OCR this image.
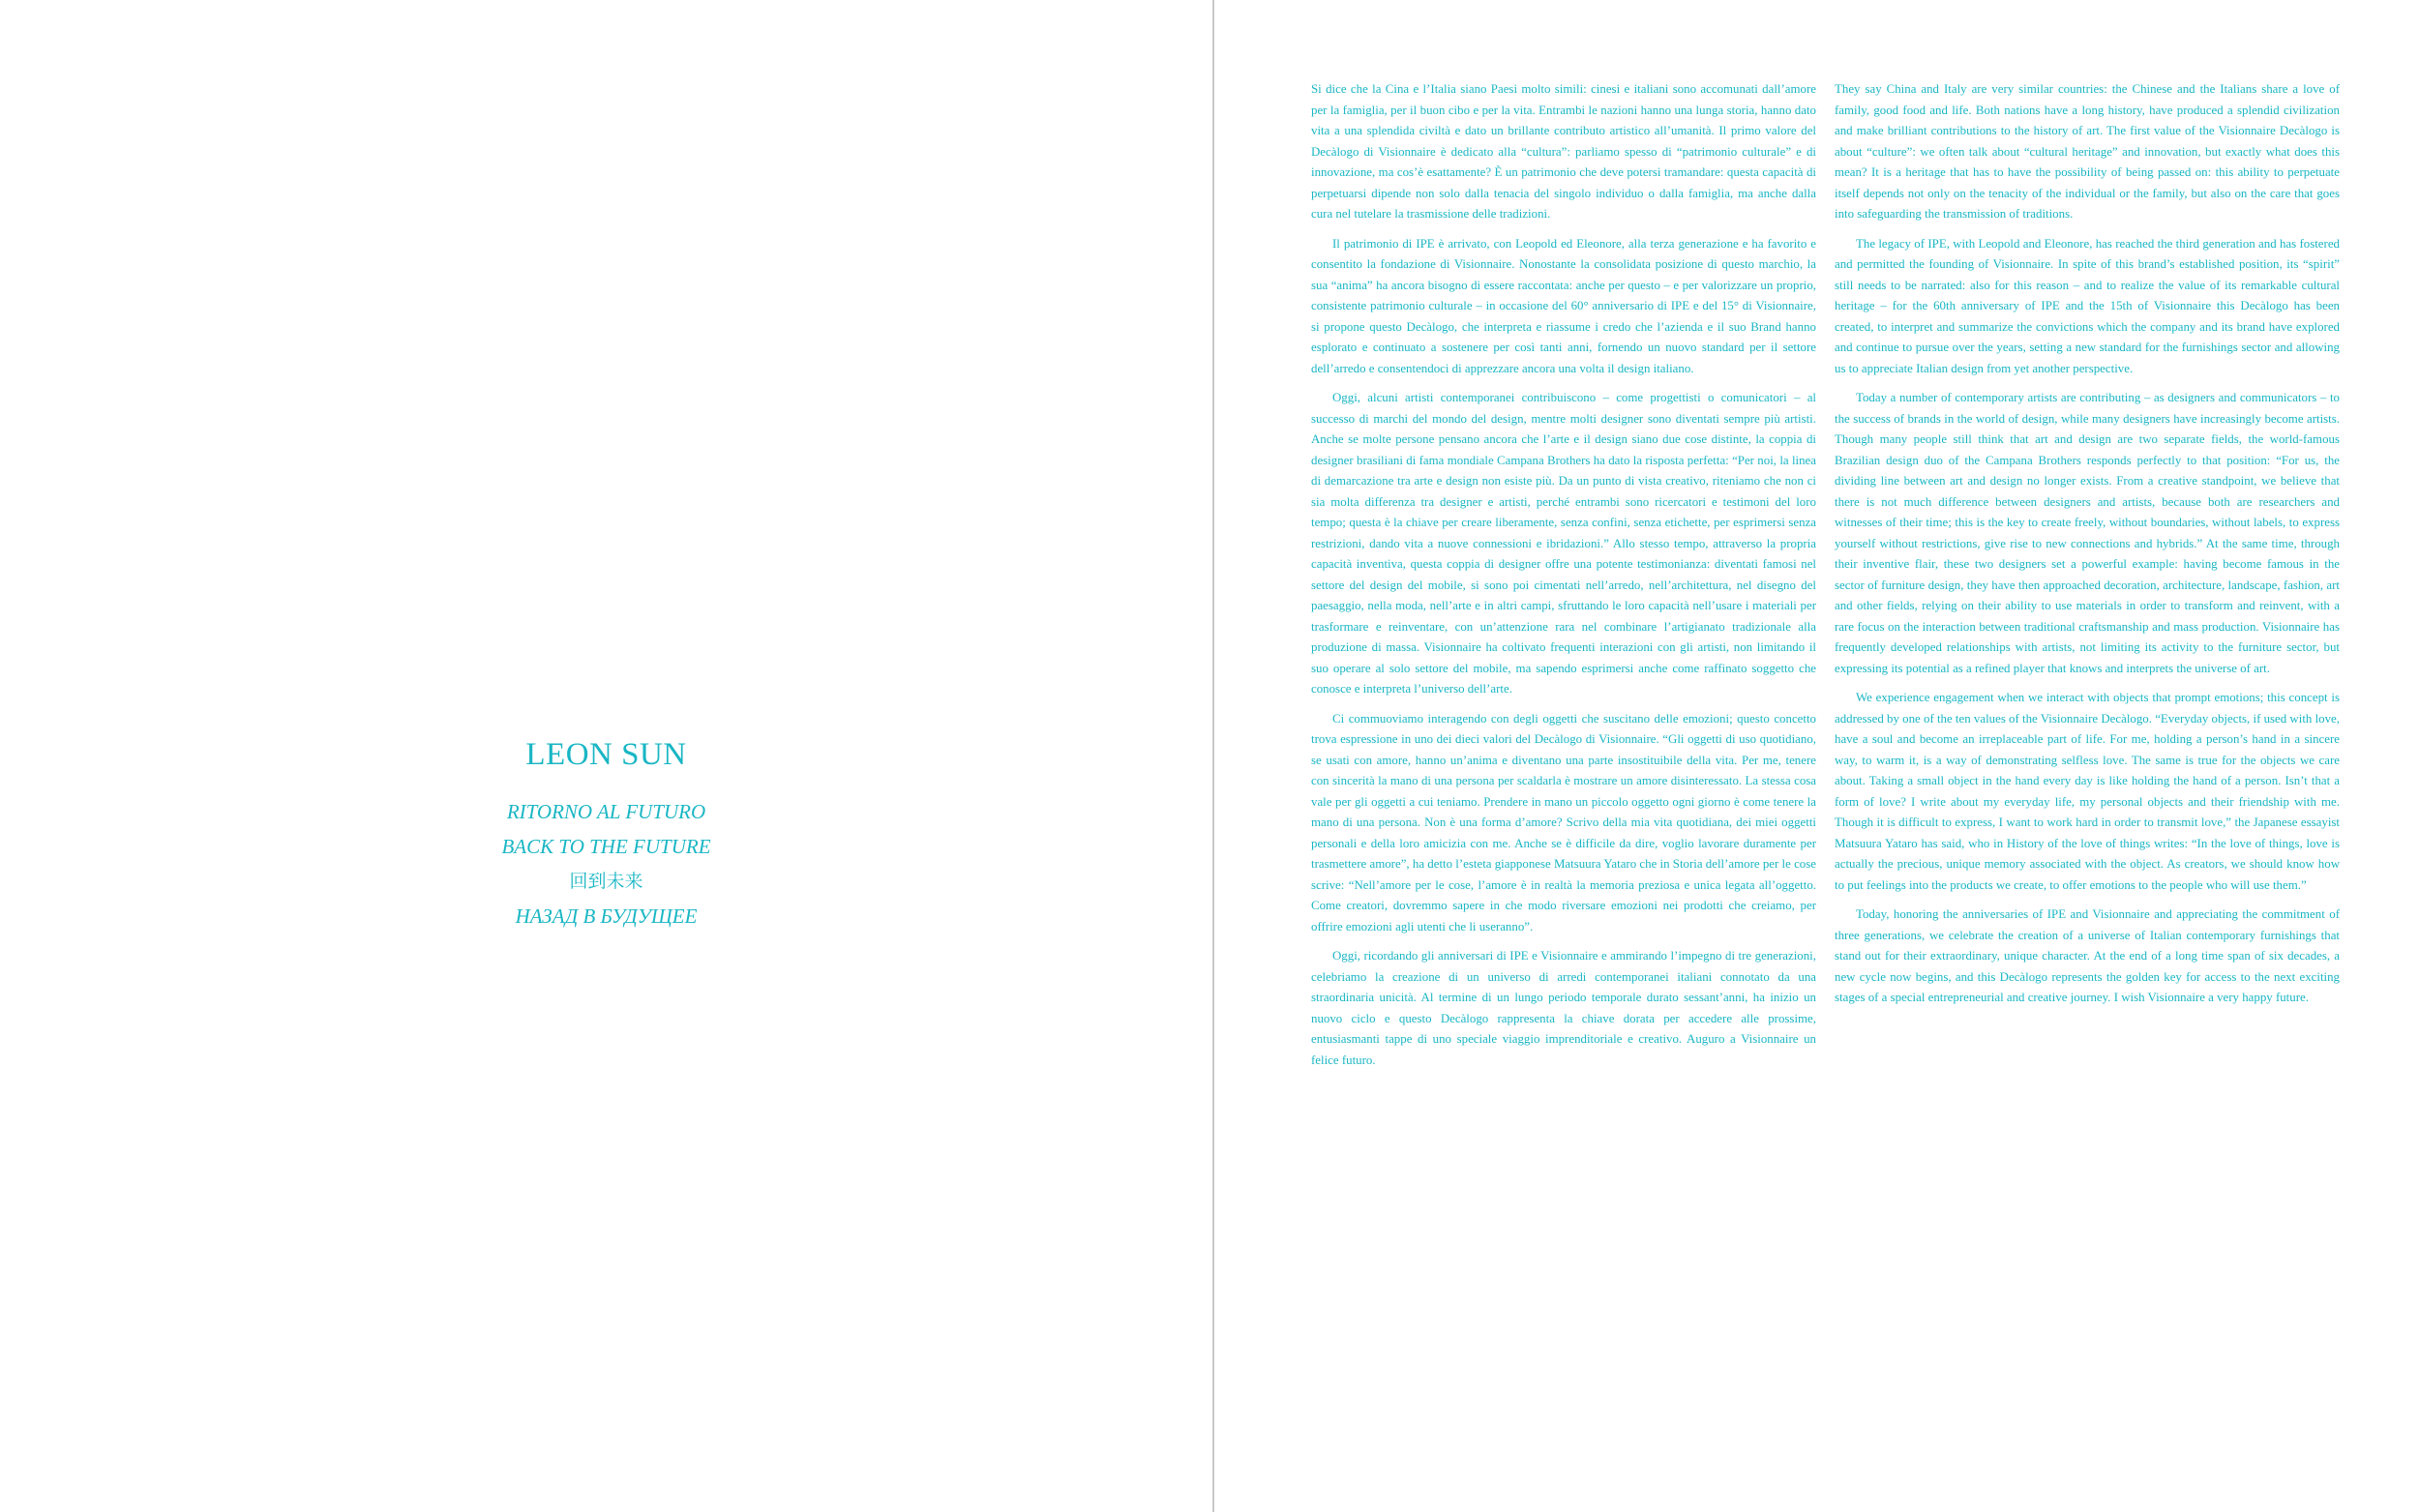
LEON SUN

RITORNO AL FUTURO

BACK TO THE FUTURE

回到未来

НАЗАД В БУДУЩЕЕ

Si dice che la Cina e l’Italia siano Paesi molto simili: cinesi e italiani sono accomunati dall’amore per la famiglia, per il buon cibo e per la vita. Entrambi le nazioni hanno una lunga storia, hanno dato vita a una splendida civiltà e dato un brillante contributo artistico all’umanità. Il primo valore del Decàlogo di Visionnaire è dedicato alla “cultura”: parliamo spesso di “patrimonio culturale” e di innovazione, ma cos’è esattamente? È un patrimonio che deve potersi tramandare: questa capacità di perpetuarsi dipende non solo dalla tenacia del singolo individuo o dalla famiglia, ma anche dalla cura nel tutelare la trasmissione delle tradizioni.

Il patrimonio di IPE è arrivato, con Leopold ed Eleonore, alla terza generazione e ha favorito e consentito la fondazione di Visionnaire. Nonostante la consolidata posizione di questo marchio, la sua “anima” ha ancora bisogno di essere raccontata: anche per questo – e per valorizzare un proprio, consistente patrimonio culturale – in occasione del 60° anniversario di IPE e del 15° di Visionnaire, si propone questo Decàlogo, che interpreta e riassume i credo che l’azienda e il suo Brand hanno esplorato e continuato a sostenere per così tanti anni, fornendo un nuovo standard per il settore dell’arredo e consentendoci di apprezzare ancora una volta il design italiano.

Oggi, alcuni artisti contemporanei contribuiscono – come progettisti o comunicatori – al successo di marchi del mondo del design, mentre molti designer sono diventati sempre più artisti. Anche se molte persone pensano ancora che l’arte e il design siano due cose distinte, la coppia di designer brasiliani di fama mondiale Campana Brothers ha dato la risposta perfetta: “Per noi, la linea di demarcazione tra arte e design non esiste più. Da un punto di vista creativo, riteniamo che non ci sia molta differenza tra designer e artisti, perché entrambi sono ricercatori e testimoni del loro tempo; questa è la chiave per creare liberamente, senza confini, senza etichette, per esprimersi senza restrizioni, dando vita a nuove connessioni e ibridazioni.” Allo stesso tempo, attraverso la propria capacità inventiva, questa coppia di designer offre una potente testimonianza: diventati famosi nel settore del design del mobile, si sono poi cimentati nell’arredo, nell’architettura, nel disegno del paesaggio, nella moda, nell’arte e in altri campi, sfruttando le loro capacità nell’usare i materiali per trasformare e reinventare, con un’attenzione rara nel combinare l’artigianato tradizionale alla produzione di massa. Visionnaire ha coltivato frequenti interazioni con gli artisti, non limitando il suo operare al solo settore del mobile, ma sapendo esprimersi anche come raffinato soggetto che conosce e interpreta l’universo dell’arte.

Ci commuoviamo interagendo con degli oggetti che suscitano delle emozioni; questo concetto trova espressione in uno dei dieci valori del Decàlogo di Visionnaire. “Gli oggetti di uso quotidiano, se usati con amore, hanno un’anima e diventano una parte insostituibile della vita. Per me, tenere con sincerità la mano di una persona per scaldarla è mostrare un amore disinteressato. La stessa cosa vale per gli oggetti a cui teniamo. Prendere in mano un piccolo oggetto ogni giorno è come tenere la mano di una persona. Non è una forma d’amore? Scrivo della mia vita quotidiana, dei miei oggetti personali e della loro amicizia con me. Anche se è difficile da dire, voglio lavorare duramente per trasmettere amore”, ha detto l’esteta giapponese Matsuura Yataro che in Storia dell’amore per le cose scrive: “Nell’amore per le cose, l’amore è in realtà la memoria preziosa e unica legata all’oggetto. Come creatori, dovremmo sapere in che modo riversare emozioni nei prodotti che creiamo, per offrire emozioni agli utenti che li useranno”.

Oggi, ricordando gli anniversari di IPE e Visionnaire e ammirando l’impegno di tre generazioni, celebriamo la creazione di un universo di arredi contemporanei italiani connotato da una straordinaria unicità. Al termine di un lungo periodo temporale durato sessant’anni, ha inizio un nuovo ciclo e questo Decàlogo rappresenta la chiave dorata per accedere alle prossime, entusiasmanti tappe di uno speciale viaggio imprenditoriale e creativo. Auguro a Visionnaire un felice futuro.

They say China and Italy are very similar countries: the Chinese and the Italians share a love of family, good food and life. Both nations have a long history, have produced a splendid civilization and make brilliant contributions to the history of art. The first value of the Visionnaire Decàlogo is about “culture”: we often talk about “cultural heritage” and innovation, but exactly what does this mean? It is a heritage that has to have the possibility of being passed on: this ability to perpetuate itself depends not only on the tenacity of the individual or the family, but also on the care that goes into safeguarding the transmission of traditions.

The legacy of IPE, with Leopold and Eleonore, has reached the third generation and has fostered and permitted the founding of Visionnaire. In spite of this brand’s established position, its “spirit” still needs to be narrated: also for this reason – and to realize the value of its remarkable cultural heritage – for the 60th anniversary of IPE and the 15th of Visionnaire this Decàlogo has been created, to interpret and summarize the convictions which the company and its brand have explored and continue to pursue over the years, setting a new standard for the furnishings sector and allowing us to appreciate Italian design from yet another perspective.

Today a number of contemporary artists are contributing – as designers and communicators – to the success of brands in the world of design, while many designers have increasingly become artists. Though many people still think that art and design are two separate fields, the world-famous Brazilian design duo of the Campana Brothers responds perfectly to that position: “For us, the dividing line between art and design no longer exists. From a creative standpoint, we believe that there is not much difference between designers and artists, because both are researchers and witnesses of their time; this is the key to create freely, without boundaries, without labels, to express yourself without restrictions, give rise to new connections and hybrids.” At the same time, through their inventive flair, these two designers set a powerful example: having become famous in the sector of furniture design, they have then approached decoration, architecture, landscape, fashion, art and other fields, relying on their ability to use materials in order to transform and reinvent, with a rare focus on the interaction between traditional craftsmanship and mass production. Visionnaire has frequently developed relationships with artists, not limiting its activity to the furniture sector, but expressing its potential as a refined player that knows and interprets the universe of art.

We experience engagement when we interact with objects that prompt emotions; this concept is addressed by one of the ten values of the Visionnaire Decàlogo. “Everyday objects, if used with love, have a soul and become an irreplaceable part of life. For me, holding a person’s hand in a sincere way, to warm it, is a way of demonstrating selfless love. The same is true for the objects we care about. Taking a small object in the hand every day is like holding the hand of a person. Isn’t that a form of love? I write about my everyday life, my personal objects and their friendship with me. Though it is difficult to express, I want to work hard in order to transmit love,” the Japanese essayist Matsuura Yataro has said, who in History of the love of things writes: “In the love of things, love is actually the precious, unique memory associated with the object. As creators, we should know how to put feelings into the products we create, to offer emotions to the people who will use them.”

Today, honoring the anniversaries of IPE and Visionnaire and appreciating the commitment of three generations, we celebrate the creation of a universe of Italian contemporary furnishings that stand out for their extraordinary, unique character. At the end of a long time span of six decades, a new cycle now begins, and this Decàlogo represents the golden key for access to the next exciting stages of a special entrepreneurial and creative journey. I wish Visionnaire a very happy future.
